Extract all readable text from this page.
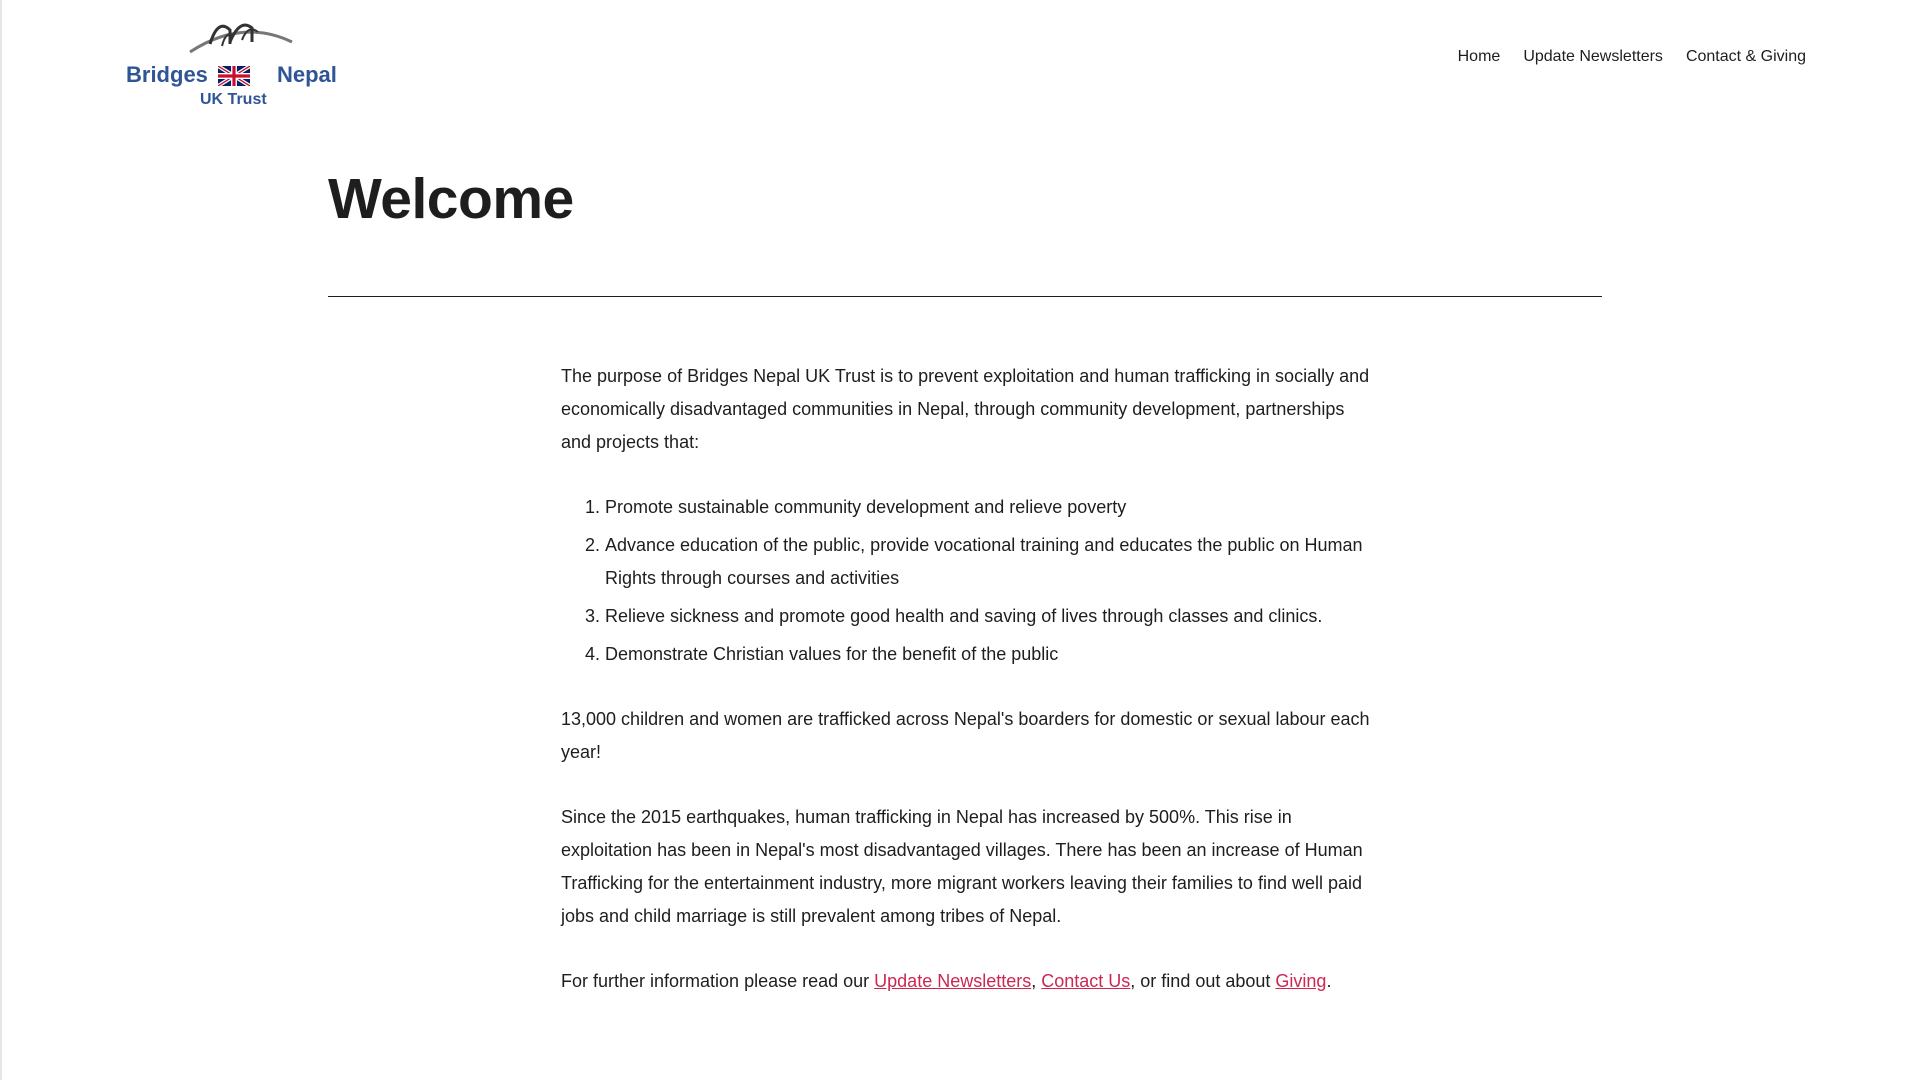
Bridges	Nepal
UK Trust
Home Update Newsletters Contact & Giving
Welcome

The purpose of Bridges Nepal UK Trust is to prevent exploitation and human trafficking in socially and economically disadvantaged communities in Nepal, through community development, partnerships and projects that:

1. Promote sustainable community development and relieve poverty
2. Advance education of the public, provide vocational training and educates the public on Human Rights through courses and activities
3. Relieve sickness and promote good health and saving of lives through classes and clinics.
4. Demonstrate Christian values for the benefit of the public

13,000 children and women are trafficked across Nepal's boarders for domestic or sexual labour each year!

Since the 2015 earthquakes, human trafficking in Nepal has increased by 500%. This rise in exploitation has been in Nepal's most disadvantaged villages. There has been an increase of Human Trafficking for the entertainment industry, more migrant workers leaving their families to find well paid jobs and child marriage is still prevalent among tribes of Nepal.

For further information please read our Update Newsletters, Contact Us, or find out about Giving.
